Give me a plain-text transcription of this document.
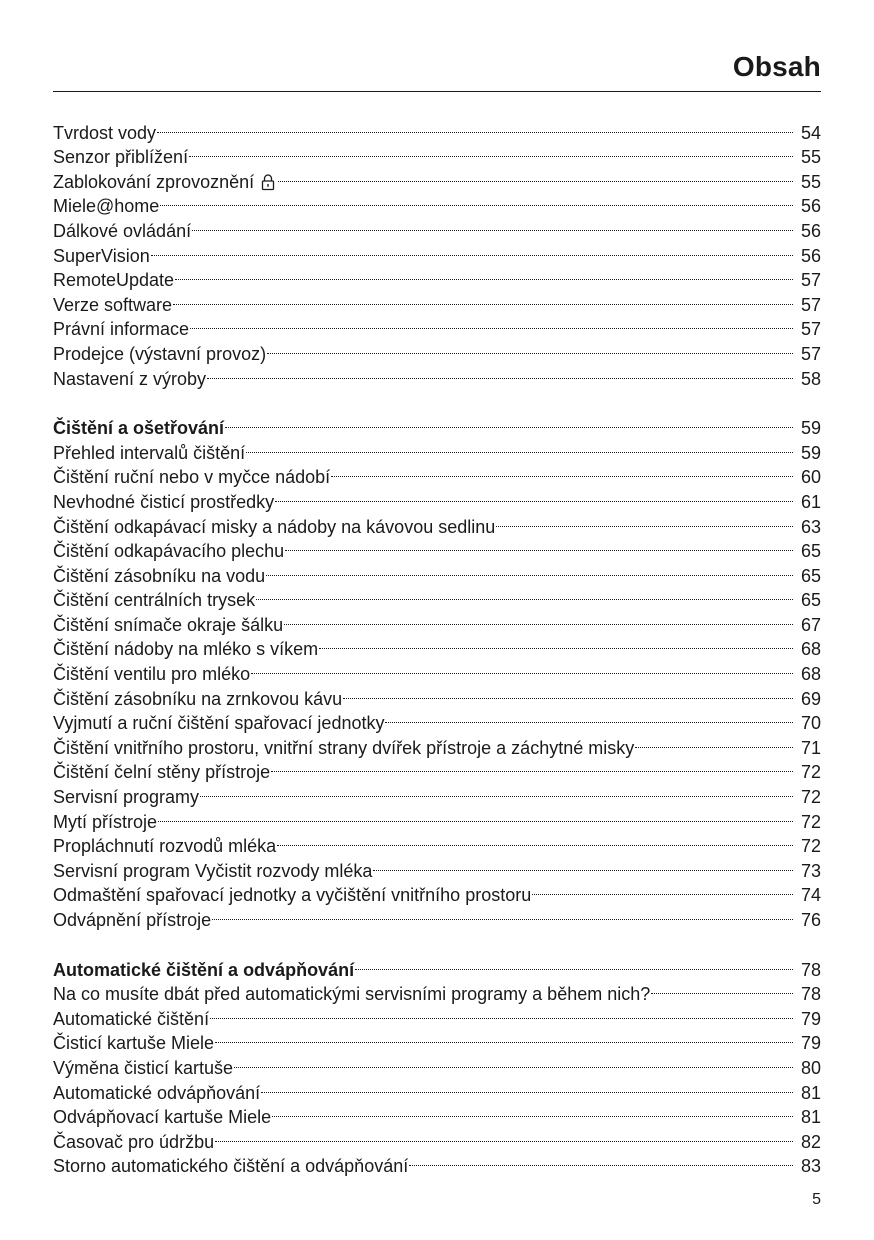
Obsah
Tvrdost vody	54
Senzor přiblížení	55
Zablokování zprovoznění	55
Miele@home	56
Dálkové ovládání	56
SuperVision	56
RemoteUpdate	57
Verze software	57
Právní informace	57
Prodejce (výstavní provoz)	57
Nastavení z výroby	58
Čištění a ošetřování	59
Přehled intervalů čištění	59
Čištění ruční nebo v myčce nádobí	60
Nevhodné čisticí prostředky	61
Čištění odkapávací misky a nádoby na kávovou sedlinu	63
Čištění odkapávacího plechu	65
Čištění zásobníku na vodu	65
Čištění centrálních trysek	65
Čištění snímače okraje šálku	67
Čištění nádoby na mléko s víkem	68
Čištění ventilu pro mléko	68
Čištění zásobníku na zrnkovou kávu	69
Vyjmutí a ruční čištění spařovací jednotky	70
Čištění vnitřního prostoru, vnitřní strany dvířek přístroje a záchytné misky	71
Čištění čelní stěny přístroje	72
Servisní programy	72
Mytí přístroje	72
Propláchnutí rozvodů mléka	72
Servisní program Vyčistit rozvody mléka	73
Odmaštění spařovací jednotky a vyčištění vnitřního prostoru	74
Odvápnění přístroje	76
Automatické čištění a odvápňování	78
Na co musíte dbát před automatickými servisními programy a během nich?	78
Automatické čištění	79
Čisticí kartuše Miele	79
Výměna čisticí kartuše	80
Automatické odvápňování	81
Odvápňovací kartuše Miele	81
Časovač pro údržbu	82
Storno automatického čištění a odvápňování	83
5
